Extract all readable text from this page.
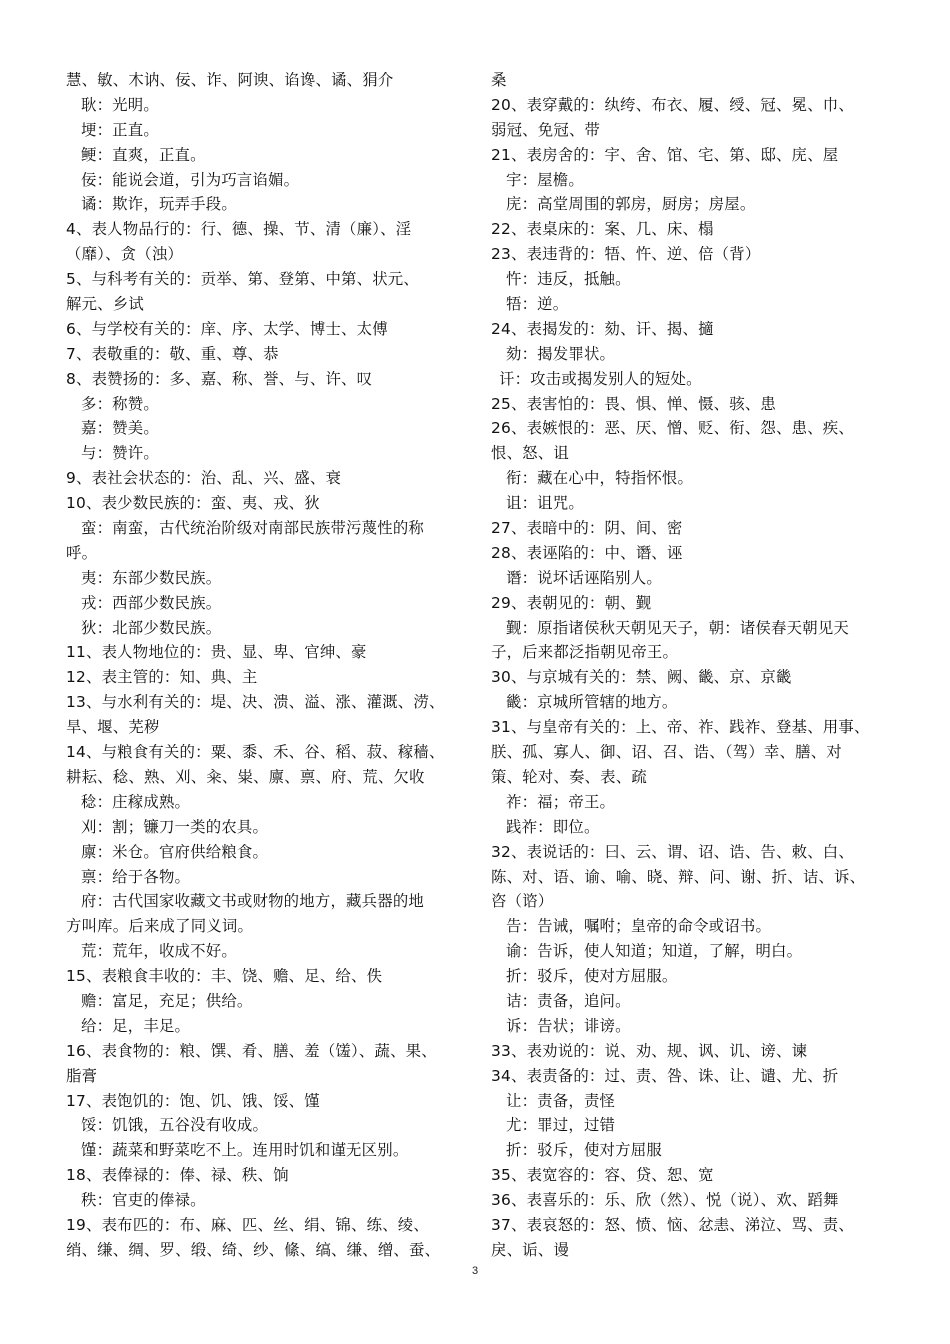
慧、敏、木讷、佞、诈、阿谀、谄谗、谲、狷介
耿：光明。
埂：正直。
鲠：直爽，正直。
佞：能说会道，引为巧言谄媚。
谲：欺诈，玩弄手段。
4、表人物品行的：行、德、操、节、清（廉）、淫
（靡）、贪（浊）
5、与科考有关的：贡举、第、登第、中第、状元、
解元、乡试
6、与学校有关的：庠、序、太学、博士、太傅
7、表敬重的：敬、重、尊、恭
8、表赞扬的：多、嘉、称、誉、与、许、叹
多：称赞。
嘉：赞美。
与：赞许。
9、表社会状态的：治、乱、兴、盛、衰
10、表少数民族的：蛮、夷、戎、狄
蛮：南蛮，古代统治阶级对南部民族带污蔑性的称
呼。
夷：东部少数民族。
戎：西部少数民族。
狄：北部少数民族。
11、表人物地位的：贵、显、卑、官绅、豪
12、表主管的：知、典、主
13、与水利有关的：堤、决、溃、溢、涨、灌溉、涝、
旱、堰、芜秽
14、与粮食有关的：粟、黍、禾、谷、稻、菽、稼穑、
耕耘、稔、熟、刈、籴、粜、廪、禀、府、荒、欠收
稔：庄稼成熟。
刈：割；镰刀一类的农具。
廪：米仓。官府供给粮食。
禀：给于各物。
府：古代国家收藏文书或财物的地方，藏兵器的地
方叫库。后来成了同义词。
荒：荒年，收成不好。
15、表粮食丰收的：丰、饶、赡、足、给、佚
赡：富足，充足；供给。
给：足，丰足。
16、表食物的：粮、馔、肴、膳、羞（馐）、蔬、果、
脂膏
17、表饱饥的：饱、饥、饿、馁、馑
馁：饥饿，五谷没有收成。
馑：蔬菜和野菜吃不上。连用时饥和谨无区别。
18、表俸禄的：俸、禄、秩、饷
秩：官吏的俸禄。
19、表布匹的：布、麻、匹、丝、绢、锦、练、绫、
绡、缣、绸、罗、缎、绮、纱、絛、缟、缣、缯、蚕、
桑
20、表穿戴的：纨绔、布衣、履、绶、冠、冕、巾、
弱冠、免冠、带
21、表房舍的：宇、舍、馆、宅、第、邸、庑、屋
宇：屋檐。
庑：高堂周围的郭房，厨房；房屋。
22、表桌床的：案、几、床、榻
23、表违背的：牾、忤、逆、倍（背）
忤：违反，抵触。
牾：逆。
24、表揭发的：劾、讦、揭、擿
劾：揭发罪状。
讦：攻击或揭发别人的短处。
25、表害怕的：畏、惧、惮、慑、骇、患
26、表嫉恨的：恶、厌、憎、贬、衔、怨、患、疾、
恨、怒、诅
衔：藏在心中，特指怀恨。
诅：诅咒。
27、表暗中的：阴、间、密
28、表诬陷的：中、谮、诬
谮：说坏话诬陷别人。
29、表朝见的：朝、觐
觐：原指诸侯秋天朝见天子，朝：诸侯春天朝见天
子，后来都泛指朝见帝王。
30、与京城有关的：禁、阙、畿、京、京畿
畿：京城所管辖的地方。
31、与皇帝有关的：上、帝、祚、践祚、登基、用事、
朕、孤、寡人、御、诏、召、诰、（驾）幸、膳、对
策、轮对、奏、表、疏
祚：福；帝王。
践祚：即位。
32、表说话的：曰、云、谓、诏、诰、告、敕、白、
陈、对、语、谕、喻、晓、辩、问、谢、折、诘、诉、
咨（谘）
告：告诫，嘱咐；皇帝的命令或诏书。
谕：告诉，使人知道；知道，了解，明白。
折：驳斥，使对方屈服。
诘：责备，追问。
诉：告状；诽谤。
33、表劝说的：说、劝、规、讽、讥、谤、谏
34、表责备的：过、责、咎、诛、让、谴、尤、折
让：责备，责怪
尤：罪过，过错
折：驳斥，使对方屈服
35、表宽容的：容、贷、恕、宽
36、表喜乐的：乐、欣（然）、悦（说）、欢、蹈舞
37、表哀怒的：怒、愤、恼、忿恚、涕泣、骂、责、
戾、诟、谩
3
